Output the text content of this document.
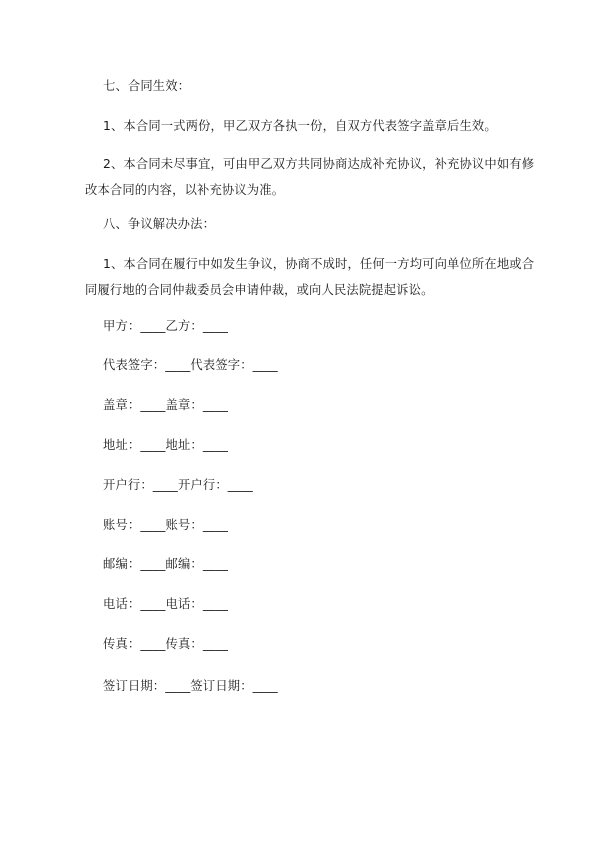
七、合同生效：
1、本合同一式两份，甲乙双方各执一份，自双方代表签字盖章后生效。
2、本合同未尽事宜，可由甲乙双方共同协商达成补充协议，补充协议中如有修
改本合同的内容，以补充协议为准。
八、争议解决办法：
1、本合同在履行中如发生争议，协商不成时，任何一方均可向单位所在地或合
同履行地的合同仲裁委员会申请仲裁，或向人民法院提起诉讼。
甲方：____乙方：____
代表签字：____代表签字：____
盖章：____盖章：____
地址：____地址：____
开户行：____开户行：____
账号：____账号：____
邮编：____邮编：____
电话：____电话：____
传真：____传真：____
签订日期：____签订日期：____
